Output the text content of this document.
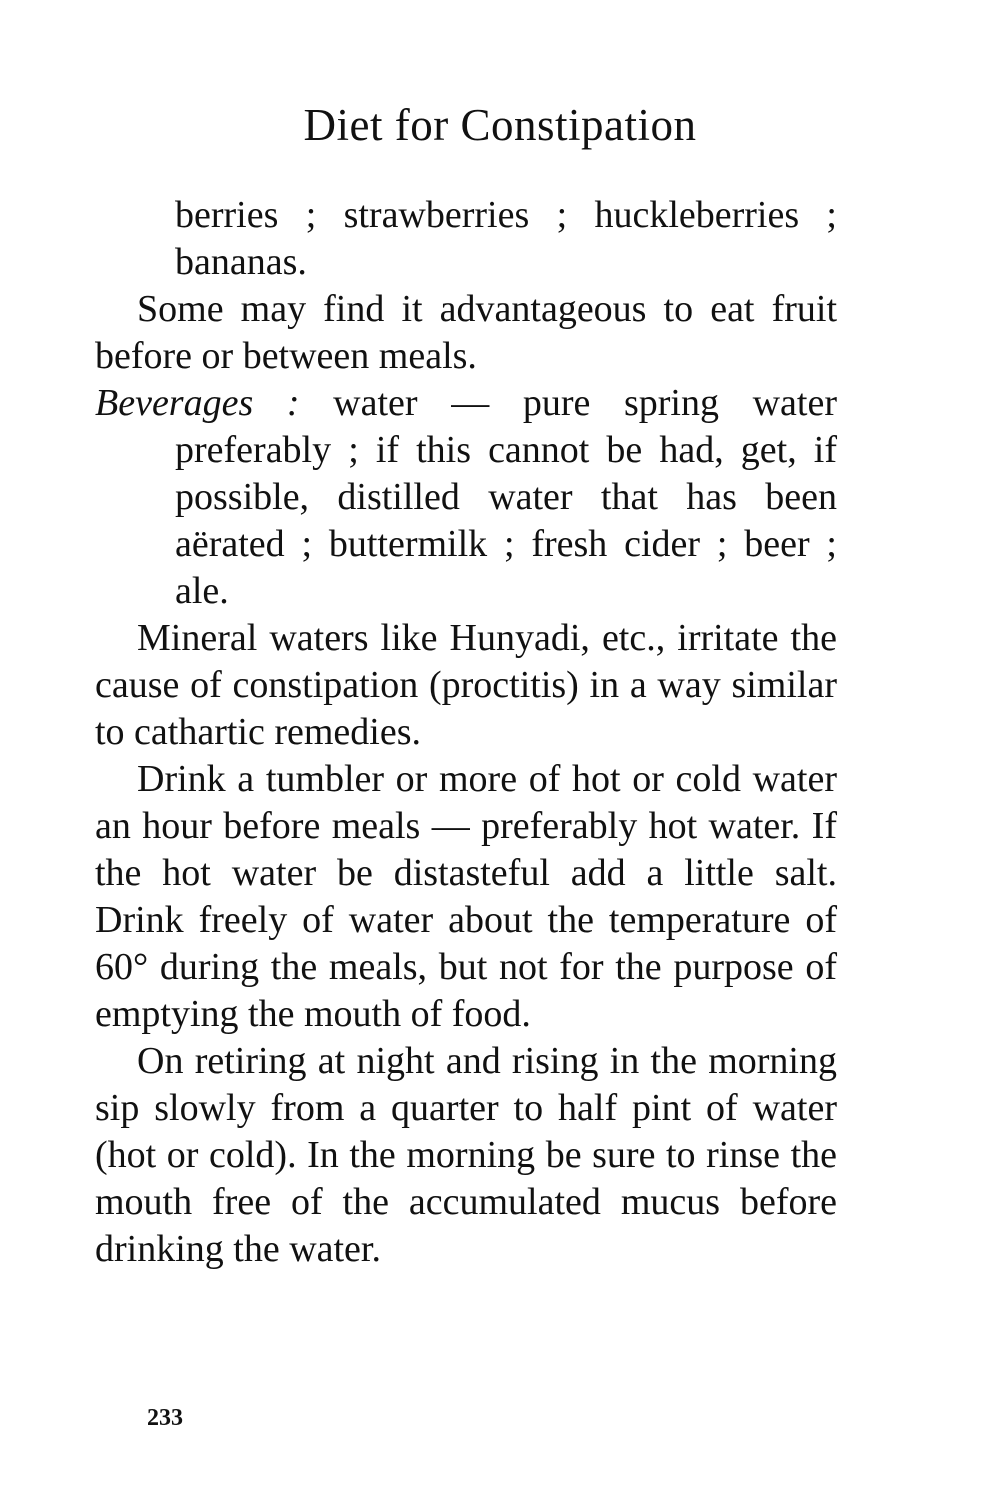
Diet for Constipation

berries ; strawberries ; huckleberries ; bananas.

Some may find it advantageous to eat fruit before or between meals.

Beverages : water — pure spring water preferably ; if this cannot be had, get, if possible, distilled water that has been aërated ; buttermilk ; fresh cider ; beer ; ale.

Mineral waters like Hunyadi, etc., irritate the cause of constipation (proctitis) in a way similar to cathartic remedies.

Drink a tumbler or more of hot or cold water an hour before meals — preferably hot water. If the hot water be distasteful add a little salt. Drink freely of water about the temperature of 60° during the meals, but not for the purpose of emptying the mouth of food.

On retiring at night and rising in the morning sip slowly from a quarter to half pint of water (hot or cold). In the morning be sure to rinse the mouth free of the accumulated mucus before drinking the water.

233
